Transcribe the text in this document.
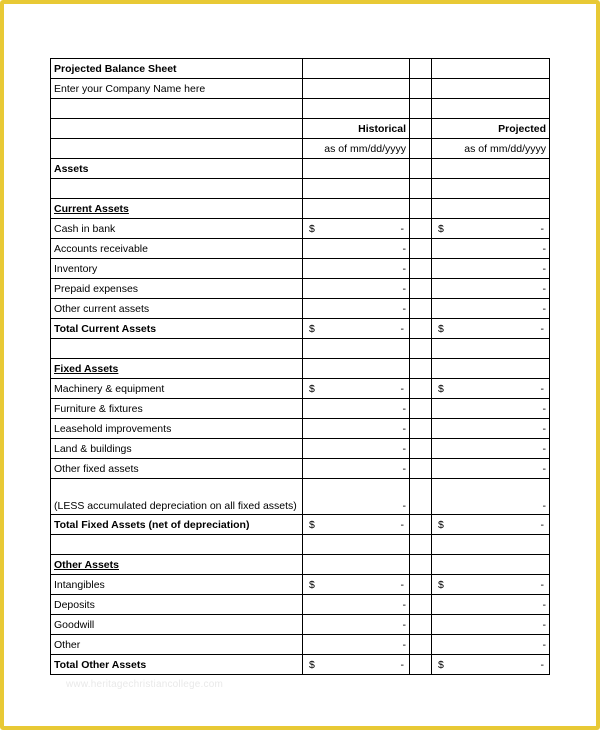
Projected Balance Sheet			
Enter your Company Name here			

	Historical		Projected
	as of mm/dd/yyyy		as of mm/dd/yyyy
Assets			

Current Assets			
Cash in bank	$ -		$ -

Accounts receivable	-		-
Inventory	-		-
Prepaid expenses	-		-
Other current assets	-		-
Total Current Assets	$ -		$ -

Fixed Assets			
Machinery & equipment	$ -		$ -

Furniture & fixtures	-		-
Leasehold improvements	-		-
Land & buildings	-		-
Other fixed assets	-		-
(LESS accumulated depreciation on all fixed assets)	-		-
Total Fixed Assets (net of depreciation)	$ -		$ -

Other Assets			
Intangibles	$ -		$ -

Deposits	-		-
Goodwill	-		-
Other	-		-
Total Other Assets	$ -		$ -
www.heritagechristiancollege.com
